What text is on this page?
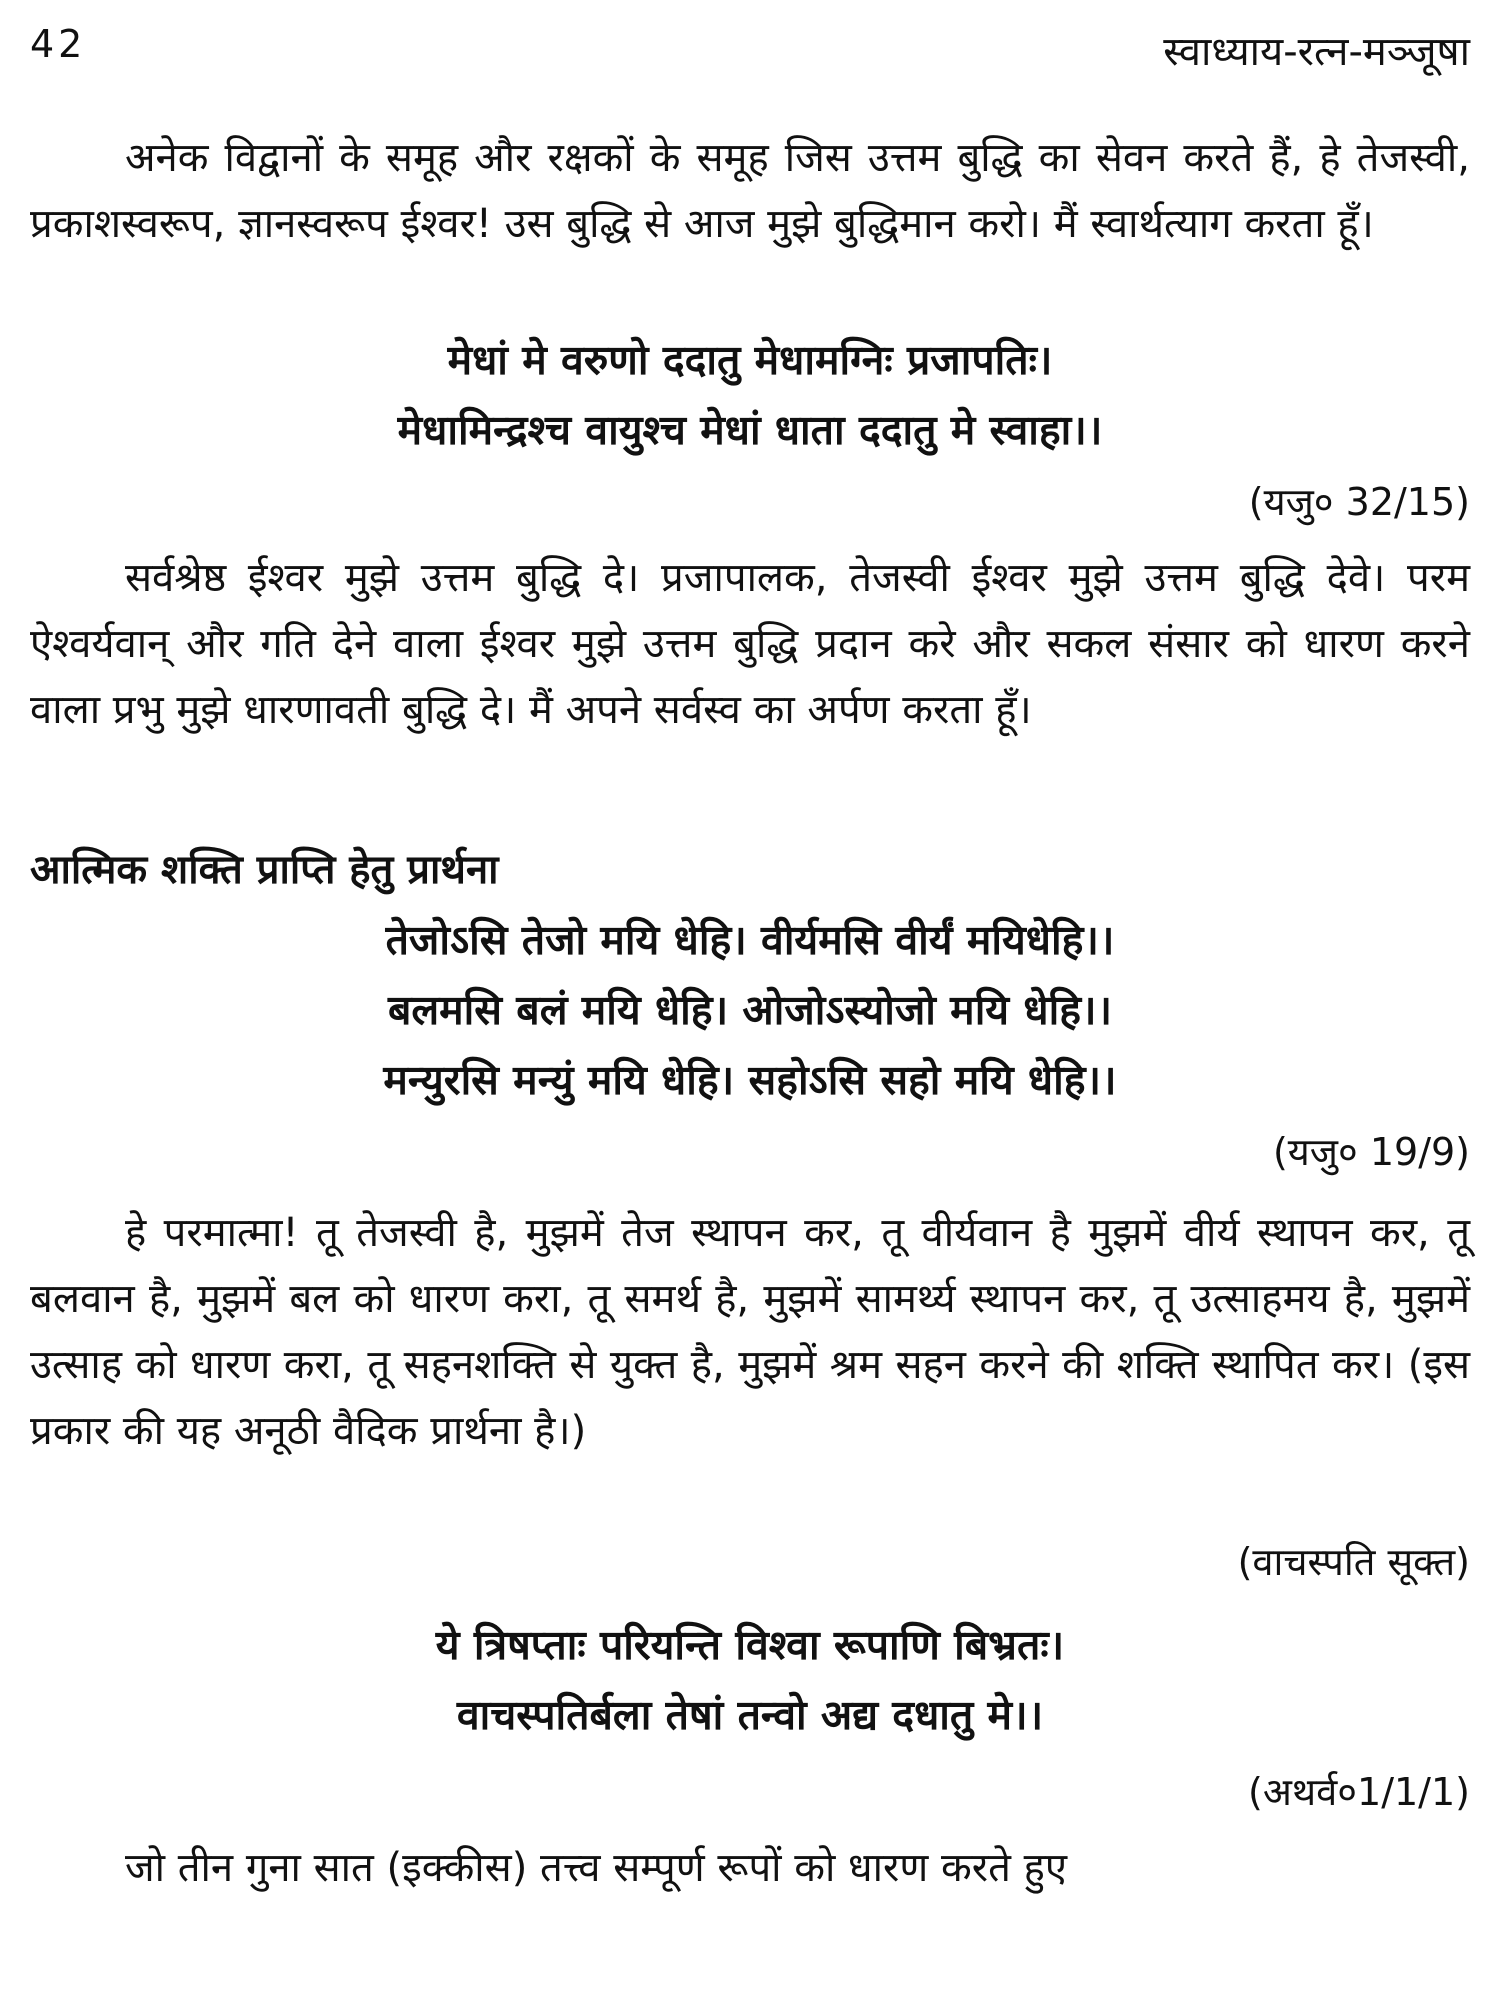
42	स्वाध्याय-रत्न-मञ्जूषा
अनेक विद्वानों के समूह और रक्षकों के समूह जिस उत्तम बुद्धि का सेवन करते हैं, हे तेजस्वी, प्रकाशस्वरूप, ज्ञानस्वरूप ईश्वर! उस बुद्धि से आज मुझे बुद्धिमान करो। मैं स्वार्थत्याग करता हूँ।
मेधां मे वरुणो ददातु मेधामग्निः प्रजापतिः।
मेधामिन्द्रश्च वायुश्च मेधां धाता ददातु मे स्वाहा।।
(यजु० 32/15)
सर्वश्रेष्ठ ईश्वर मुझे उत्तम बुद्धि दे। प्रजापालक, तेजस्वी ईश्वर मुझे उत्तम बुद्धि देवे। परम ऐश्वर्यवान् और गति देने वाला ईश्वर मुझे उत्तम बुद्धि प्रदान करे और सकल संसार को धारण करने वाला प्रभु मुझे धारणावती बुद्धि दे। मैं अपने सर्वस्व का अर्पण करता हूँ।
आत्मिक शक्ति प्राप्ति हेतु प्रार्थना
तेजोऽसि तेजो मयि धेहि। वीर्यमसि वीर्यं मयिधेहि।।
बलमसि बलं मयि धेहि। ओजोऽस्योजो मयि धेहि।।
मन्युरसि मन्युं मयि धेहि। सहोऽसि सहो मयि धेहि।।
(यजु० 19/9)
हे परमात्मा! तू तेजस्वी है, मुझमें तेज स्थापन कर, तू वीर्यवान है मुझमें वीर्य स्थापन कर, तू बलवान है, मुझमें बल को धारण करा, तू समर्थ है, मुझमें सामर्थ्य स्थापन कर, तू उत्साहमय है, मुझमें उत्साह को धारण करा, तू सहनशक्ति से युक्त है, मुझमें श्रम सहन करने की शक्ति स्थापित कर। (इस प्रकार की यह अनूठी वैदिक प्रार्थना है।)
(वाचस्पति सूक्त)
ये त्रिषप्ताः परियन्ति विश्वा रूपाणि बिभ्रतः।
वाचस्पतिर्बला तेषां तन्वो अद्य दधातु मे।।
(अथर्व०1/1/1)
जो तीन गुना सात (इक्कीस) तत्त्व सम्पूर्ण रूपों को धारण करते हुए
